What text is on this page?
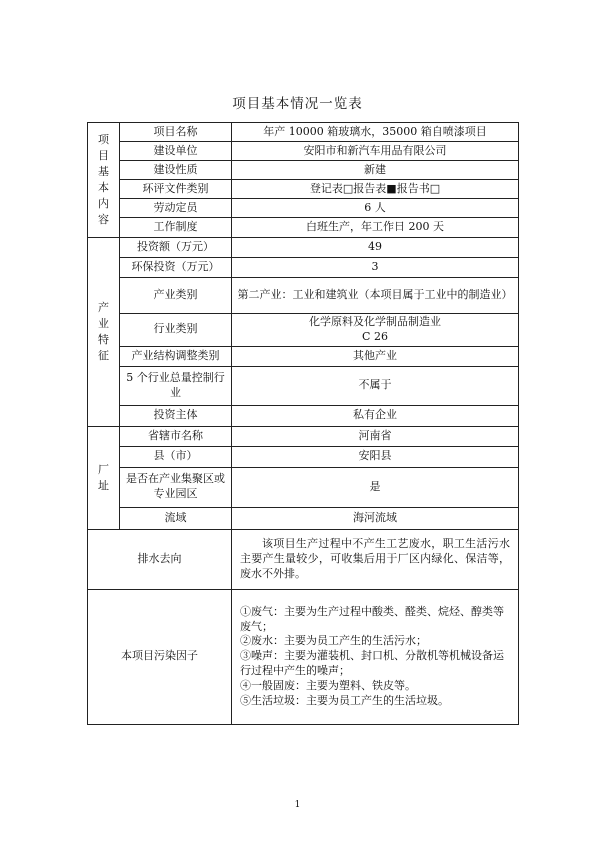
项目基本情况一览表
项目基本内容	项目名称	年产 10000 箱玻璃水，35000 箱自喷漆项目
	建设单位	安阳市和新汽车用品有限公司
	建设性质	新建
	环评文件类别	登记表□报告表■报告书□
	劳动定员	6 人
	工作制度	白班生产，年工作日 200 天
产业特征	投资额（万元）	49
	环保投资（万元）	3
	产业类别	第二产业：工业和建筑业（本项目属于工业中的制造业）
	行业类别	化学原料及化学制品制造业
C 26

	产业结构调整类别	其他产业
	5 个行业总量控制行业	不属于
	投资主体	私有企业
厂址	省辖市名称	河南省
	县（市）	安阳县
	是否在产业集聚区或专业园区	是
	流域	海河流域
排水去向		该项目生产过程中不产生工艺废水，职工生活污水主要产生量较少，可收集后用于厂区内绿化、保洁等，废水不外排。

本项目污染因子		①废气：主要为生产过程中酸类、醛类、烷烃、醇类等废气；
②废水：主要为员工产生的生活污水；
③噪声：主要为灌装机、封口机、分散机等机械设备运行过程中产生的噪声；
④一般固废：主要为塑料、铁皮等。
⑤生活垃圾：主要为员工产生的生活垃圾。
1
